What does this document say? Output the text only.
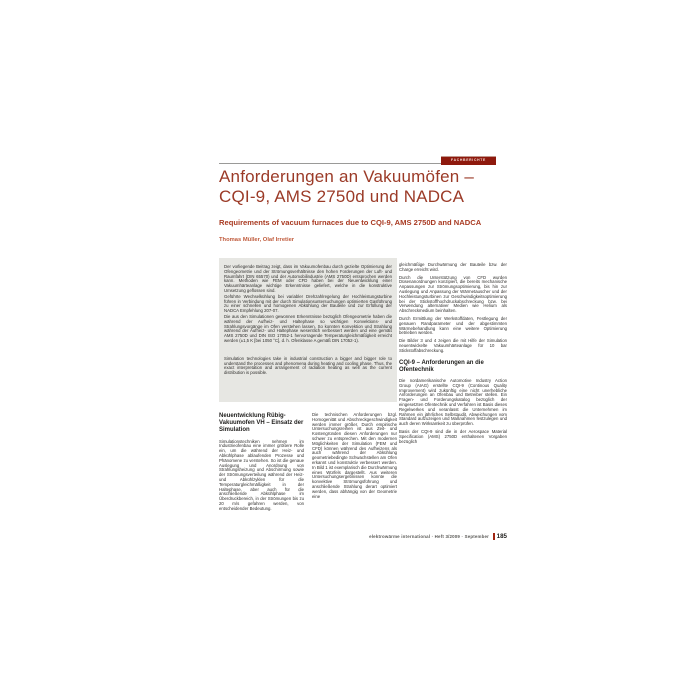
FACHBERICHTE
Anforderungen an Vakuumöfen –
CQI-9, AMS 2750d und NADCA
Requirements of vacuum furnaces due to CQI-9, AMS 2750D and NADCA
Thomas Müller, Olaf Irretier

Der vorliegende Beitrag zeigt, dass im Vakuumofenbau durch gezielte Optimierung der Ofengeometrie und der Strömungsverhältnisse den hohen Forderungen der Luft- und Raumfahrt (DIN 65570) und der Automobilindustrie (AMS 2750D) entsprochen werden kann. Methoden wie FEM oder CFD haben bei der Neuentwicklung einer Vakuumhärteanlage wichtige Erkenntnisse geliefert, welche in die konstruktive Umsetzung geflossen sind.

Geführte Wechselkühlung bei variabler Drehzahlregelung der Hochleistungsturbine führen in Verbindung mit der durch Simulationsuntersuchungen optimierten Gasführung zu einer schnellen und homogenen Abkühlung der Bauteile und zur Erfüllung der NADCA Empfehlung 207-07.

Die aus den Simulationen gewonnen Erkenntnisse bezüglich Ofengeometrie haben die während der Aufheiz- und Haltephase so wichtigen Konvektions- und Strahlungsvorgänge im Ofen verstehen lassen. So konnten Konvektion und Strahlung während der Aufheiz- und Haltephase wesentlich verbessert werden und eine gemäß AMS 2750D und DIN ISO 17052-1 hervorragende Temperaturgleichmäßigkeit erreicht werden (±1,5 K [bei 1050 °C], d. h. Ofenklasse A gemäß DIN 17052-1).

Simulation technologies take in industrial construction a bigger and bigger role to understand the processes and phenomena during heating and cooling phase. Thus, the exact interpretation and arrangement of radiation heating as well as the current distribution is possible.

Neuentwicklung Rübig-Vakuumofen VH – Einsatz der Simulation

Simulationstechniken nehmen im Industrieofenbau eine immer größere Rolle ein, um die während der Heiz- und Abkühlphase ablaufenden Prozesse und Phänomene zu verstehen. So ist die genaue Auslegung und Anordnung von Strahlungsheizung und Abschirmung sowie der Strömungsverteilung während der Heiz- und Abkühlzyklen für die Temperaturgleichmäßigkeit in der Haltephase, aber auch für die anschließende Abkühlphase im Überdruckbereich, in der Strömungen bis zu 20 m/s gefahren werden, von entscheidender Bedeutung.

Die technischen Anforderungen bzgl. Homogenität und Abschreckgeschwindigkeit werden immer größer. Durch empirische Untersuchungsreihen ist aus Zeit- und Kostengründen diesen Anforderungen nur schwer zu entsprechen. Mit den modernen Möglichkeiten der Simulation (FEM und CFD) können während des Aufheizens als auch während der Abkühlung geometriebedingte Schwachstellen am Ofen erkannt und konstruktiv verbessert werden. In Bild 1 ist exemplarisch die Durchwärmung eines Würfels dargestellt. Aus weiteren Untersuchungsergebnissen konnte die konvektive Strömungsführung und anschließende Strahlung derart optimiert werden, dass abhängig von der Geometrie eine

gleichmäßige Durchwärmung der Bauteile bzw. der Charge erreicht wird.

Durch die Unterstützung von CFD wurden Düsenanordnungen konzipiert, die bereits mechanische Anpassungen zur Strömungsoptimierung, bis hin zur Auslegung und Anpassung der Wärmetauscher und der Hochleistungsturbinen zur Geschwindigkeitsoptimierung bei der Stickstoffhochdruckabschreckung bzw. bei Verwendung alternativer Medien wie Helium als Abschreckmedium beinhalten.

Durch Ermittlung der Werkstoffdaten, Festlegung der genauen Randparameter und der abgestimmten Wärmebehandlung kann eine weitere Optimierung betrieben werden.

Die Bilder 3 und 4 zeigen die mit Hilfe der Simulation neuentwickelte Vakuumhärteanlage für 10 bar Stickstoffabschreckung.

CQI-9 – Anforderungen an die Ofentechnik

Die nordamerikanische Automotive Industry Action Group (AIAG) erstellte CQI-9 (Continous Quality Improvement) wird zukünftig eine nicht unerhebliche Anforderungen an Ofenbau und Betreiber stellen. Ein Fragen- und Forderungskatalog bezüglich der eingesetzten Ofentechnik und Verfahren ist Basis dieses Regelwerkes und veranlasst die Unternehmen im Rahmen ein jährliches Selbstaudit, Abweichungen vom Standard aufzuzeigen und Maßnahmen festzulegen und auch deren Wirksamkeit zu überprüfen.

Basis der CQI-9 sind die in der Aerospace Material Specification (AMS) 2750D enthaltenen Vorgaben bezüglich

elektrowärme international · Heft 3/2009 · September 185
